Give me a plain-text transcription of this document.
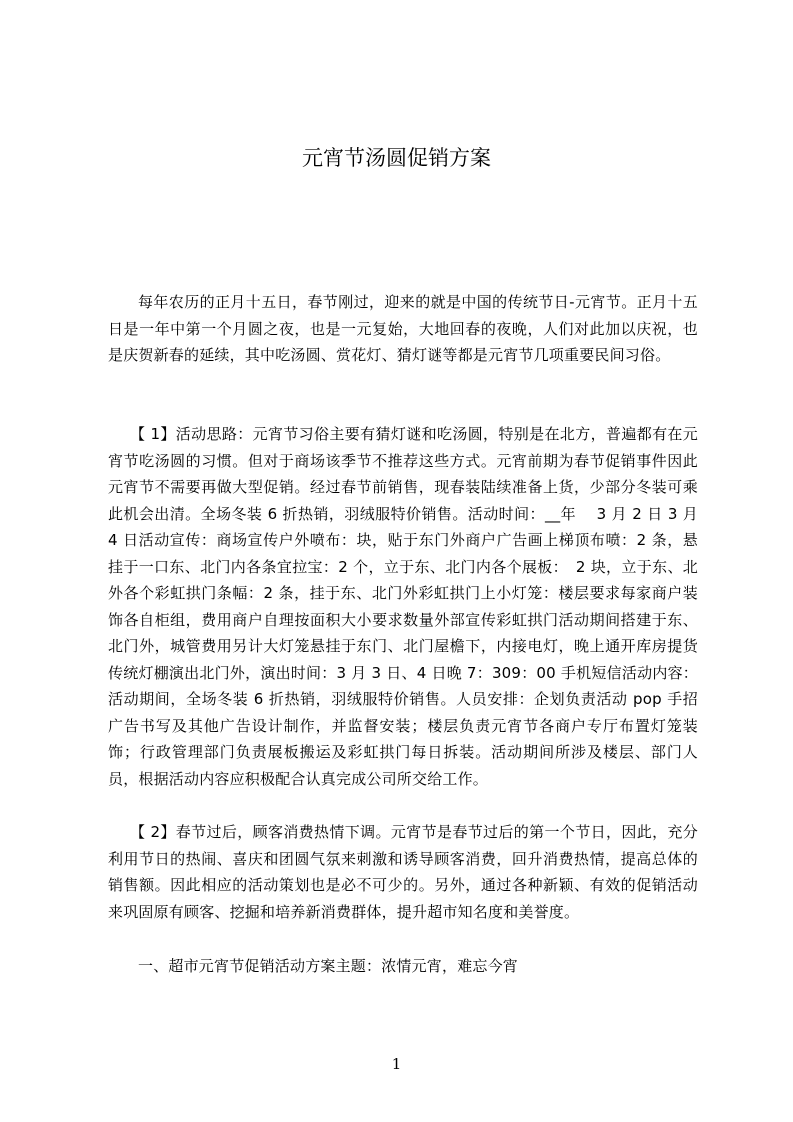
元宵节汤圆促销方案

每年农历的正月十五日，春节刚过，迎来的就是中国的传统节日-元宵节。正月十五日是一年中第一个月圆之夜，也是一元复始，大地回春的夜晚，人们对此加以庆祝，也是庆贺新春的延续，其中吃汤圆、赏花灯、猜灯谜等都是元宵节几项重要民间习俗。

【 1】活动思路：元宵节习俗主要有猜灯谜和吃汤圆，特别是在北方，普遍都有在元宵节吃汤圆的习惯。但对于商场该季节不推荐这些方式。元宵前期为春节促销事件因此元宵节不需要再做大型促销。经过春节前销售，现春装陆续准备上货，少部分冬装可乘此机会出清。全场冬装 6 折热销，羽绒服特价销售。活动时间：__年　 3 月 2 日 3 月 4 日活动宣传：商场宣传户外喷布：块，贴于东门外商户广告画上梯顶布喷：2 条，悬挂于一口东、北门内各条宜拉宝：2 个，立于东、北门内各个展板：　2 块，立于东、北外各个彩虹拱门条幅：2 条，挂于东、北门外彩虹拱门上小灯笼：楼层要求每家商户装饰各自柜组，费用商户自理按面积大小要求数量外部宣传彩虹拱门活动期间搭建于东、北门外，城管费用另计大灯笼悬挂于东门、北门屋檐下，内接电灯，晚上通开库房提货传统灯棚演出北门外，演出时间：3 月 3 日、4 日晚 7：309：00 手机短信活动内容：活动期间，全场冬装 6 折热销，羽绒服特价销售。人员安排：企划负责活动 pop 手招广告书写及其他广告设计制作，并监督安装；楼层负责元宵节各商户专厅布置灯笼装饰；行政管理部门负责展板搬运及彩虹拱门每日拆装。活动期间所涉及楼层、部门人员，根据活动内容应积极配合认真完成公司所交给工作。

【 2】春节过后，顾客消费热情下调。元宵节是春节过后的第一个节日，因此，充分利用节日的热闹、喜庆和团圆气氛来刺激和诱导顾客消费，回升消费热情，提高总体的销售额。因此相应的活动策划也是必不可少的。另外，通过各种新颖、有效的促销活动来巩固原有顾客、挖掘和培养新消费群体，提升超市知名度和美誉度。

一、超市元宵节促销活动方案主题：浓情元宵，难忘今宵

1
